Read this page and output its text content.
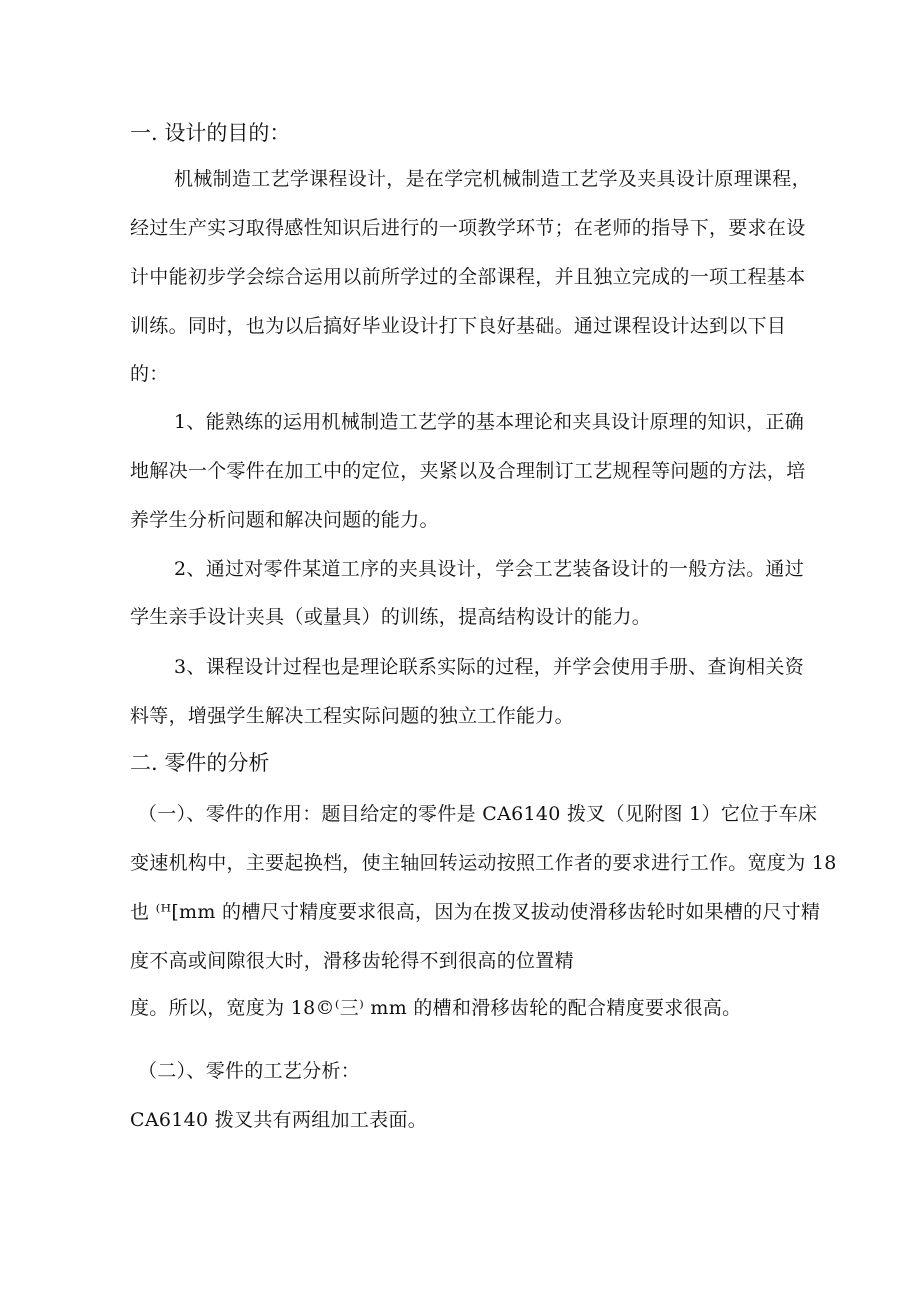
一. 设计的目的：
机械制造工艺学课程设计，是在学完机械制造工艺学及夹具设计原理课程，
经过生产实习取得感性知识后进行的一项教学环节；在老师的指导下，要求在设
计中能初步学会综合运用以前所学过的全部课程，并且独立完成的一项工程基本
训练。同时，也为以后搞好毕业设计打下良好基础。通过课程设计达到以下目
的：
1、能熟练的运用机械制造工艺学的基本理论和夹具设计原理的知识，正确
地解决一个零件在加工中的定位，夹紧以及合理制订工艺规程等问题的方法，培
养学生分析问题和解决问题的能力。
2、通过对零件某道工序的夹具设计，学会工艺装备设计的一般方法。通过
学生亲手设计夹具（或量具）的训练，提高结构设计的能力。
3、课程设计过程也是理论联系实际的过程，并学会使用手册、查询相关资
料等，增强学生解决工程实际问题的独立工作能力。
二. 零件的分析
（一）、零件的作用：题目给定的零件是 CA6140 拨叉（见附图 1）它位于车床
变速机构中，主要起换档，使主轴回转运动按照工作者的要求进行工作。宽度为 18
也 ⁽ᴴ[mm 的槽尺寸精度要求很高，因为在拨叉拔动使滑移齿轮时如果槽的尺寸精
度不高或间隙很大时，滑移齿轮得不到很高的位置精
度。所以，宽度为 18©⁽三⁾ mm 的槽和滑移齿轮的配合精度要求很高。
（二）、零件的工艺分析：
CA6140 拨叉共有两组加工表面。
